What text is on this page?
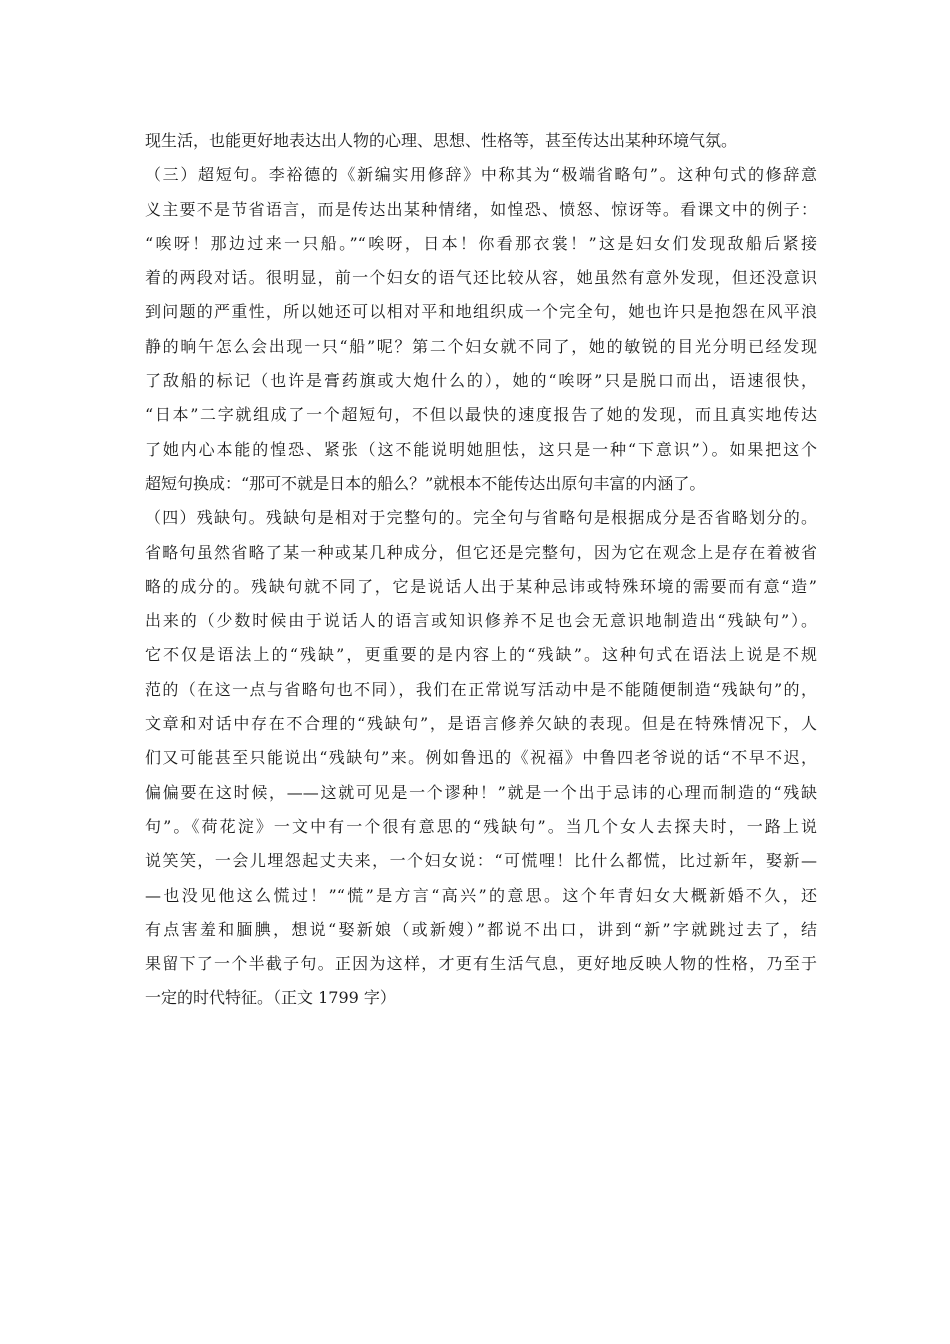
现生活，也能更好地表达出人物的心理、思想、性格等，甚至传达出某种环境气氛。
（三）超短句。李裕德的《新编实用修辞》中称其为“极端省略句”。这种句式的修辞意
义主要不是节省语言，而是传达出某种情绪，如惶恐、愤怒、惊讶等。看课文中的例子：
“唉呀！那边过来一只船。”“唉呀，日本！你看那衣裳！”这是妇女们发现敌船后紧接
着的两段对话。很明显，前一个妇女的语气还比较从容，她虽然有意外发现，但还没意识
到问题的严重性，所以她还可以相对平和地组织成一个完全句，她也许只是抱怨在风平浪
静的晌午怎么会出现一只“船”呢？第二个妇女就不同了，她的敏锐的目光分明已经发现
了敌船的标记（也许是膏药旗或大炮什么的），她的“唉呀”只是脱口而出，语速很快，
“日本”二字就组成了一个超短句，不但以最快的速度报告了她的发现，而且真实地传达
了她内心本能的惶恐、紧张（这不能说明她胆怯，这只是一种“下意识”）。如果把这个
超短句换成：“那可不就是日本的船么？”就根本不能传达出原句丰富的内涵了。
（四）残缺句。残缺句是相对于完整句的。完全句与省略句是根据成分是否省略划分的。
省略句虽然省略了某一种或某几种成分，但它还是完整句，因为它在观念上是存在着被省
略的成分的。残缺句就不同了，它是说话人出于某种忌讳或特殊环境的需要而有意“造”
出来的（少数时候由于说话人的语言或知识修养不足也会无意识地制造出“残缺句”）。
它不仅是语法上的“残缺”，更重要的是内容上的“残缺”。这种句式在语法上说是不规
范的（在这一点与省略句也不同），我们在正常说写活动中是不能随便制造“残缺句”的，
文章和对话中存在不合理的“残缺句”，是语言修养欠缺的表现。但是在特殊情况下，人
们又可能甚至只能说出“残缺句”来。例如鲁迅的《祝福》中鲁四老爷说的话“不早不迟，
偏偏要在这时候，——这就可见是一个谬种！”就是一个出于忌讳的心理而制造的“残缺
句”。《荷花淀》一文中有一个很有意思的“残缺句”。当几个女人去探夫时，一路上说
说笑笑，一会儿埋怨起丈夫来，一个妇女说：“可慌哩！比什么都慌，比过新年，娶新—
—也没见他这么慌过！”“慌”是方言“高兴”的意思。这个年青妇女大概新婚不久，还
有点害羞和腼腆，想说“娶新娘（或新嫂）”都说不出口，讲到“新”字就跳过去了，结
果留下了一个半截子句。正因为这样，才更有生活气息，更好地反映人物的性格，乃至于
一定的时代特征。（正文 1799 字）
